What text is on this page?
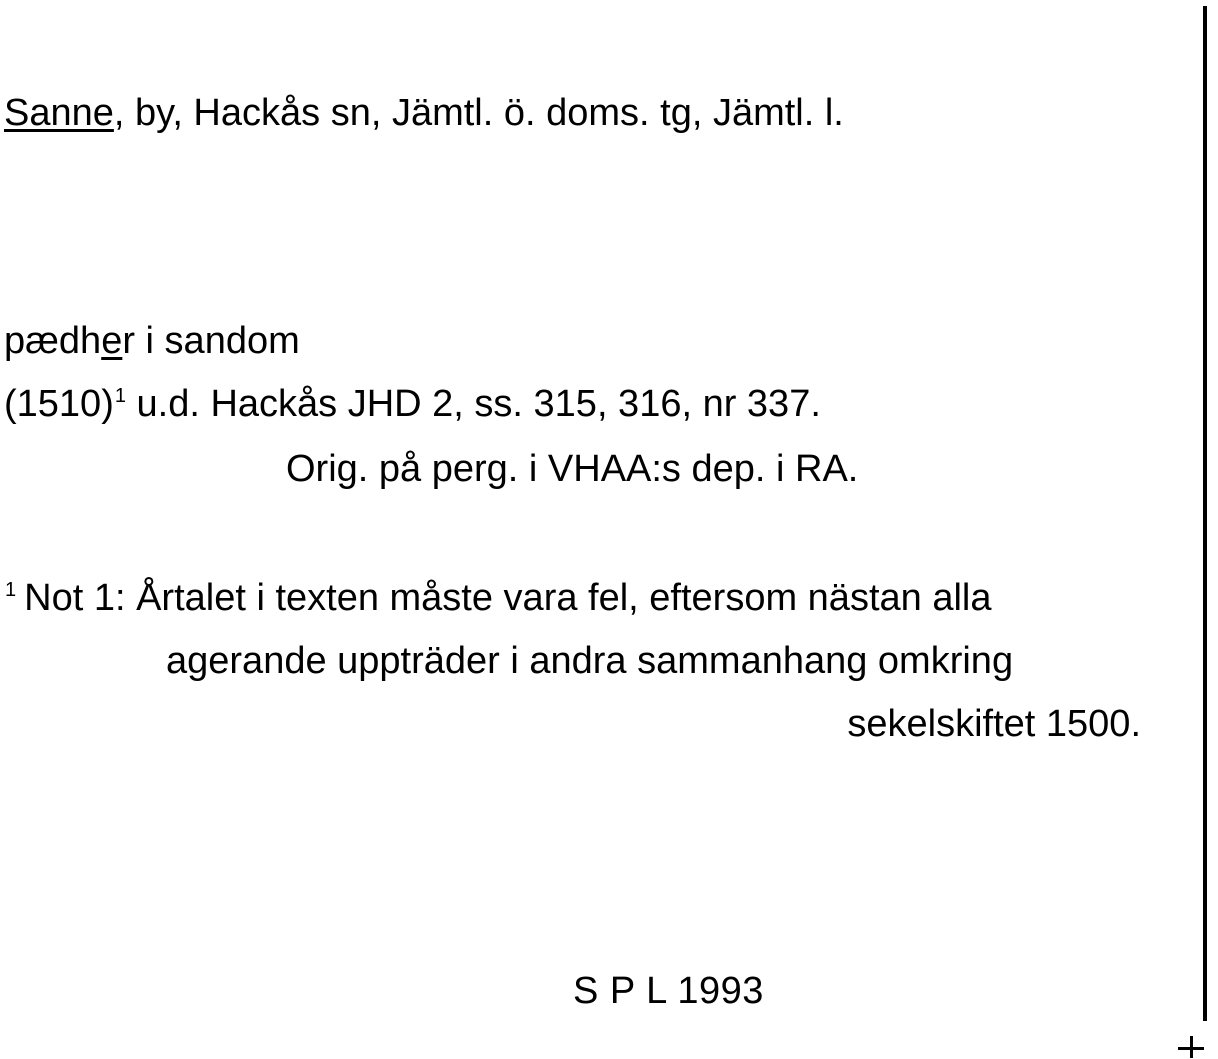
Sanne, by, Hackås sn, Jämtl. ö. doms. tg, Jämtl. l.
pædher i sandom
$(1510)^1$ u.d. Hackås JHD 2, ss. 315, 316, nr 337.
Orig. på perg. i VHAA:s dep. i RA.
$^1$ Not 1: Årtalet i texten måste vara fel, eftersom nästan alla
agerande uppträder i andra sammanhang omkring
sekelskiftet 1500.
S P L 1993
